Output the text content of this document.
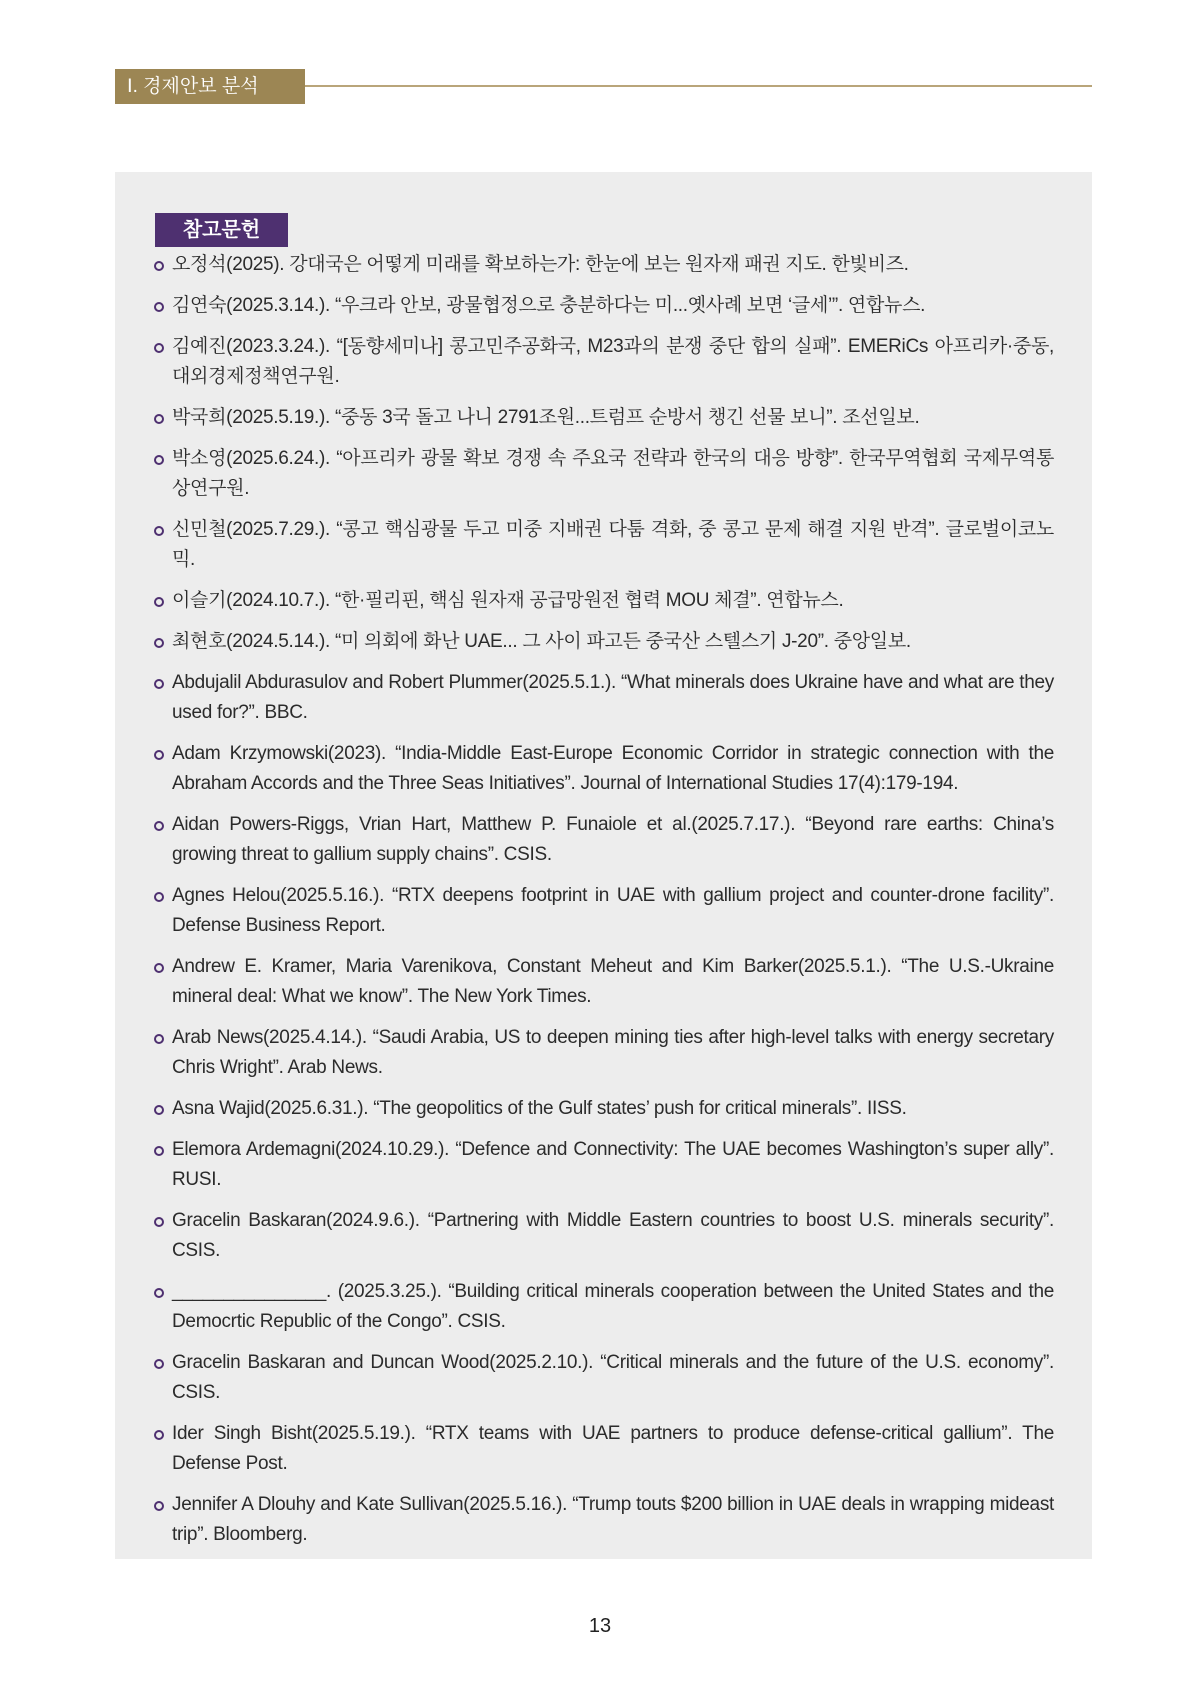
Ⅰ. 경제안보 분석
참고문헌
오정석(2025). 강대국은 어떻게 미래를 확보하는가: 한눈에 보는 원자재 패권 지도. 한빛비즈.
김연숙(2025.3.14.). “우크라 안보, 광물협정으로 충분하다는 미...옛사례 보면 ‘글세’”. 연합뉴스.
김예진(2023.3.24.). “[동향세미나] 콩고민주공화국, M23과의 분쟁 중단 합의 실패”. EMERiCs 아프리카·중동, 대외경제정책연구원.
박국희(2025.5.19.). “중동 3국 돌고 나니 2791조원...트럼프 순방서 챙긴 선물 보니”. 조선일보.
박소영(2025.6.24.). “아프리카 광물 확보 경쟁 속 주요국 전략과 한국의 대응 방향”. 한국무역협회 국제무역통상연구원.
신민철(2025.7.29.). “콩고 핵심광물 두고 미중 지배권 다툼 격화, 중 콩고 문제 해결 지원 반격”. 글로벌이코노믹.
이슬기(2024.10.7.). “한·필리핀, 핵심 원자재 공급망원전 협력 MOU 체결”. 연합뉴스.
최현호(2024.5.14.). “미 의회에 화난 UAE... 그 사이 파고든 중국산 스텔스기 J-20”. 중앙일보.
Abdujalil Abdurasulov and Robert Plummer(2025.5.1.). “What minerals does Ukraine have and what are they used for?”. BBC.
Adam Krzymowski(2023). “India-Middle East-Europe Economic Corridor in strategic connection with the Abraham Accords and the Three Seas Initiatives”. Journal of International Studies 17(4):179-194.
Aidan Powers-Riggs, Vrian Hart, Matthew P. Funaiole et al.(2025.7.17.). “Beyond rare earths: China’s growing threat to gallium supply chains”. CSIS.
Agnes Helou(2025.5.16.). “RTX deepens footprint in UAE with gallium project and counter-drone facility”. Defense Business Report.
Andrew E. Kramer, Maria Varenikova, Constant Meheut and Kim Barker(2025.5.1.). “The U.S.-Ukraine mineral deal: What we know”. The New York Times.
Arab News(2025.4.14.). “Saudi Arabia, US to deepen mining ties after high-level talks with energy secretary Chris Wright”. Arab News.
Asna Wajid(2025.6.31.). “The geopolitics of the Gulf states’ push for critical minerals”. IISS.
Elemora Ardemagni(2024.10.29.). “Defence and Connectivity: The UAE becomes Washington’s super ally”. RUSI.
Gracelin Baskaran(2024.9.6.). “Partnering with Middle Eastern countries to boost U.S. minerals security”. CSIS.
_______________. (2025.3.25.). “Building critical minerals cooperation between the United States and the Democrtic Republic of the Congo”. CSIS.
Gracelin Baskaran and Duncan Wood(2025.2.10.). “Critical minerals and the future of the U.S. economy”. CSIS.
Ider Singh Bisht(2025.5.19.). “RTX teams with UAE partners to produce defense-critical gallium”. The Defense Post.
Jennifer A Dlouhy and Kate Sullivan(2025.5.16.). “Trump touts $200 billion in UAE deals in wrapping mideast trip”. Bloomberg.
13
